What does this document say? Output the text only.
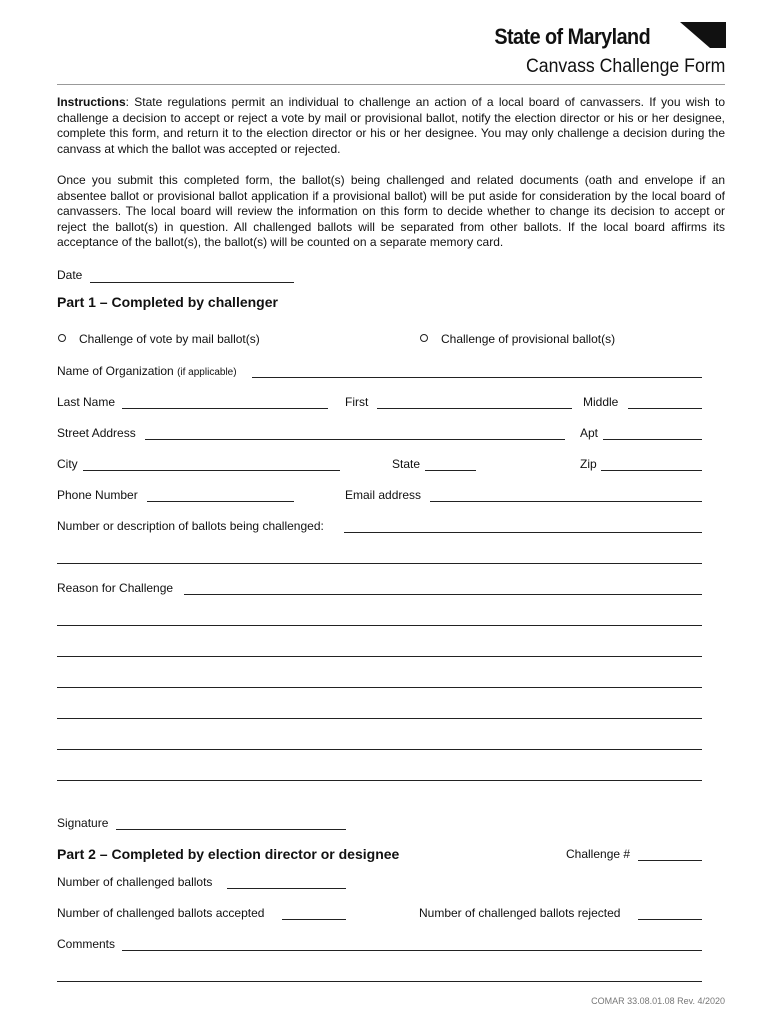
State of Maryland
Canvass Challenge Form
Instructions: State regulations permit an individual to challenge an action of a local board of canvassers. If you wish to challenge a decision to accept or reject a vote by mail or provisional ballot, notify the election director or his or her designee, complete this form, and return it to the election director or his or her designee. You may only challenge a decision during the canvass at which the ballot was accepted or rejected.
Once you submit this completed form, the ballot(s) being challenged and related documents (oath and envelope if an absentee ballot or provisional ballot application if a provisional ballot) will be put aside for consideration by the local board of canvassers. The local board will review the information on this form to decide whether to change its decision to accept or reject the ballot(s) in question. All challenged ballots will be separated from other ballots. If the local board affirms its acceptance of the ballot(s), the ballot(s) will be counted on a separate memory card.
Date
Part 1 – Completed by challenger
Challenge of vote by mail ballot(s)	Challenge of provisional ballot(s)
Name of Organization (if applicable)
Last Name	First	Middle
Street Address	Apt
City	State	Zip
Phone Number	Email address
Number or description of ballots being challenged:
Reason for Challenge
Signature
Part 2 – Completed by election director or designee	Challenge #
Number of challenged ballots
Number of challenged ballots accepted	Number of challenged ballots rejected
Comments
COMAR 33.08.01.08 Rev. 4/2020
